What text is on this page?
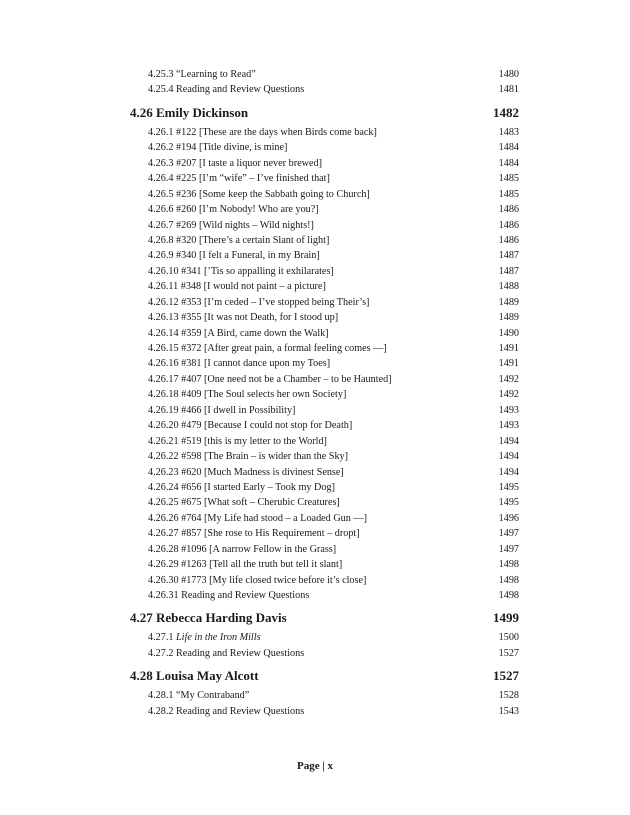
4.25.3 “Learning to Read”	1480
4.25.4 Reading and Review Questions	1481
4.26 Emily Dickinson	1482
4.26.1 #122 [These are the days when Birds come back]	1483
4.26.2 #194 [Title divine, is mine]	1484
4.26.3 #207 [I taste a liquor never brewed]	1484
4.26.4 #225 [I’m “wife” – I’ve finished that]	1485
4.26.5 #236 [Some keep the Sabbath going to Church]	1485
4.26.6 #260 [I’m Nobody! Who are you?]	1486
4.26.7 #269 [Wild nights – Wild nights!]	1486
4.26.8 #320 [There’s a certain Slant of light]	1486
4.26.9 #340 [I felt a Funeral, in my Brain]	1487
4.26.10 #341 [’Tis so appalling it exhilarates]	1487
4.26.11 #348 [I would not paint – a picture]	1488
4.26.12 #353 [I’m ceded – I’ve stopped being Their’s]	1489
4.26.13 #355 [It was not Death, for I stood up]	1489
4.26.14 #359 [A Bird, came down the Walk]	1490
4.26.15 #372 [After great pain, a formal feeling comes —]	1491
4.26.16 #381 [I cannot dance upon my Toes]	1491
4.26.17 #407 [One need not be a Chamber – to be Haunted]	1492
4.26.18 #409 [The Soul selects her own Society]	1492
4.26.19 #466 [I dwell in Possibility]	1493
4.26.20 #479 [Because I could not stop for Death]	1493
4.26.21 #519 [this is my letter to the World]	1494
4.26.22 #598 [The Brain – is wider than the Sky]	1494
4.26.23 #620 [Much Madness is divinest Sense]	1494
4.26.24 #656 [I started Early – Took my Dog]	1495
4.26.25 #675 [What soft – Cherubic Creatures]	1495
4.26.26 #764 [My Life had stood – a Loaded Gun —]	1496
4.26.27 #857 [She rose to His Requirement – dropt]	1497
4.26.28 #1096 [A narrow Fellow in the Grass]	1497
4.26.29 #1263 [Tell all the truth but tell it slant]	1498
4.26.30 #1773 [My life closed twice before it’s close]	1498
4.26.31 Reading and Review Questions	1498
4.27 Rebecca Harding Davis	1499
4.27.1 Life in the Iron Mills	1500
4.27.2 Reading and Review Questions	1527
4.28 Louisa May Alcott	1527
4.28.1 “My Contraband”	1528
4.28.2 Reading and Review Questions	1543
Page | x
